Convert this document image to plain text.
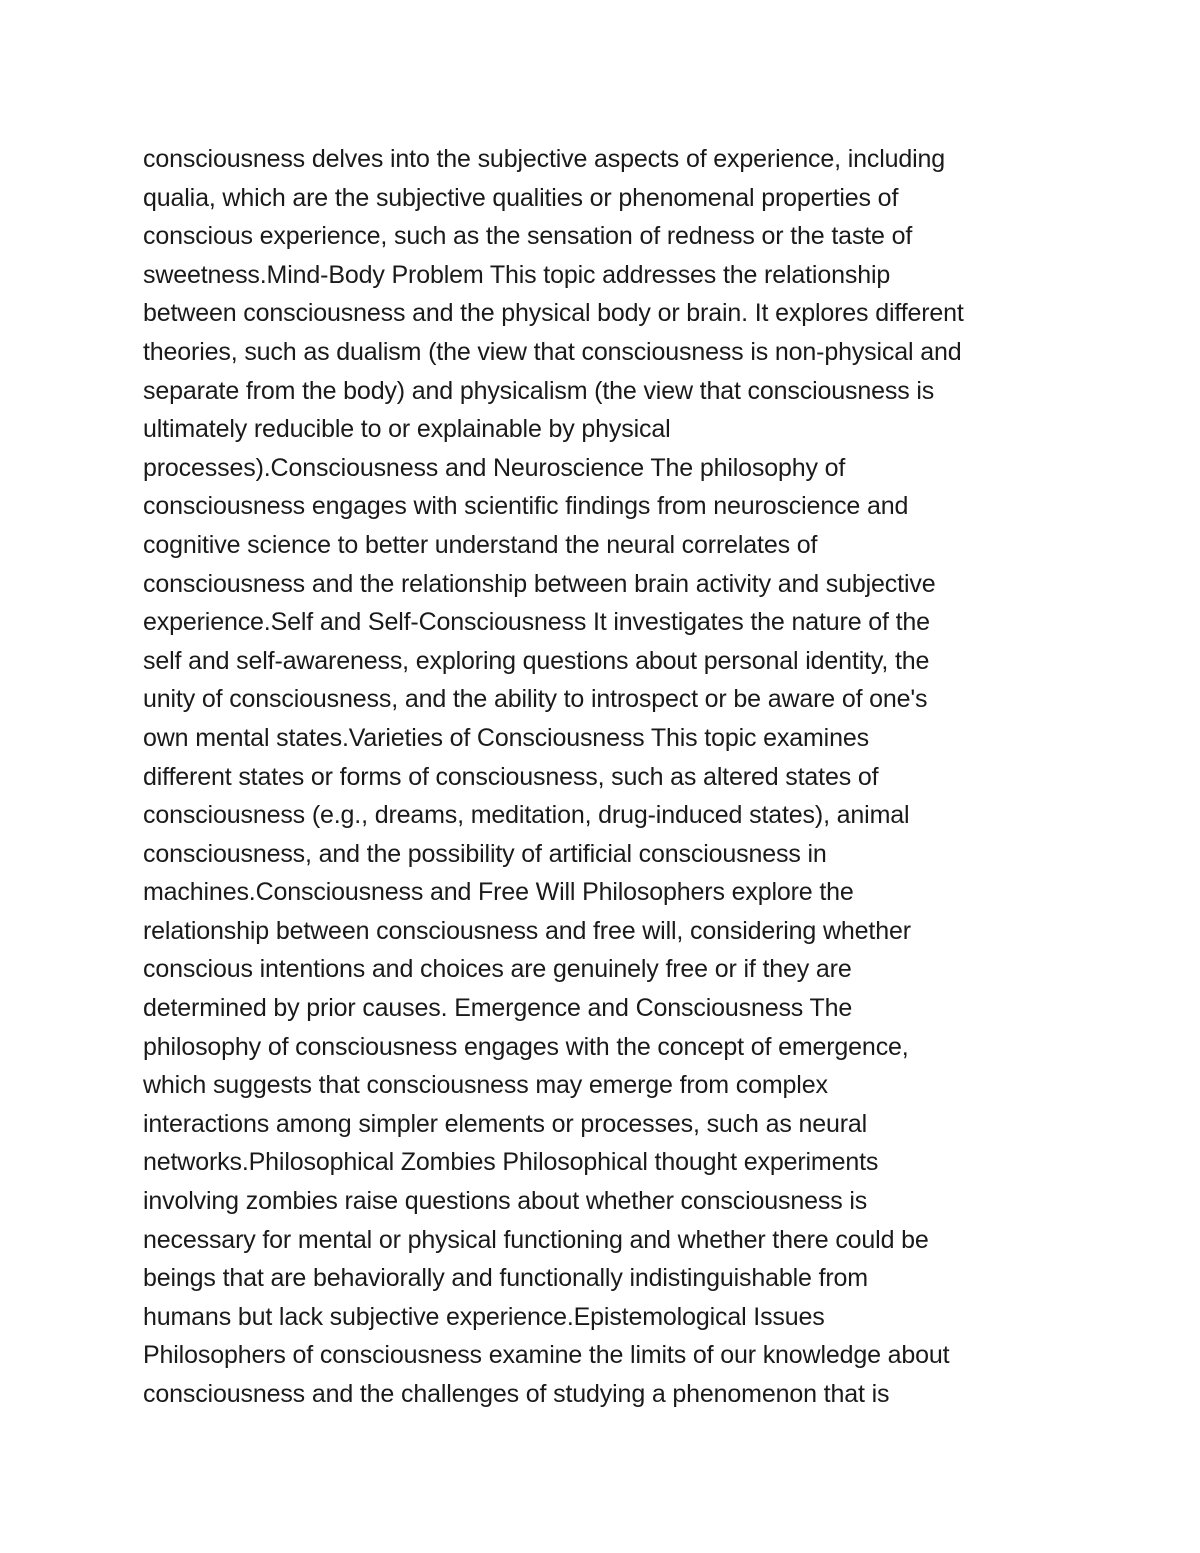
consciousness delves into the subjective aspects of experience, including
qualia, which are the subjective qualities or phenomenal properties of
conscious experience, such as the sensation of redness or the taste of
sweetness.Mind-Body Problem This topic addresses the relationship
between consciousness and the physical body or brain. It explores different
theories, such as dualism (the view that consciousness is non-physical and
separate from the body) and physicalism (the view that consciousness is
ultimately reducible to or explainable by physical
processes).Consciousness and Neuroscience The philosophy of
consciousness engages with scientific findings from neuroscience and
cognitive science to better understand the neural correlates of
consciousness and the relationship between brain activity and subjective
experience.Self and Self-Consciousness It investigates the nature of the
self and self-awareness, exploring questions about personal identity, the
unity of consciousness, and the ability to introspect or be aware of one's
own mental states.Varieties of Consciousness This topic examines
different states or forms of consciousness, such as altered states of
consciousness (e.g., dreams, meditation, drug-induced states), animal
consciousness, and the possibility of artificial consciousness in
machines.Consciousness and Free Will Philosophers explore the
relationship between consciousness and free will, considering whether
conscious intentions and choices are genuinely free or if they are
determined by prior causes. Emergence and Consciousness The
philosophy of consciousness engages with the concept of emergence,
which suggests that consciousness may emerge from complex
interactions among simpler elements or processes, such as neural
networks.Philosophical Zombies Philosophical thought experiments
involving zombies raise questions about whether consciousness is
necessary for mental or physical functioning and whether there could be
beings that are behaviorally and functionally indistinguishable from
humans but lack subjective experience.Epistemological Issues
Philosophers of consciousness examine the limits of our knowledge about
consciousness and the challenges of studying a phenomenon that is
